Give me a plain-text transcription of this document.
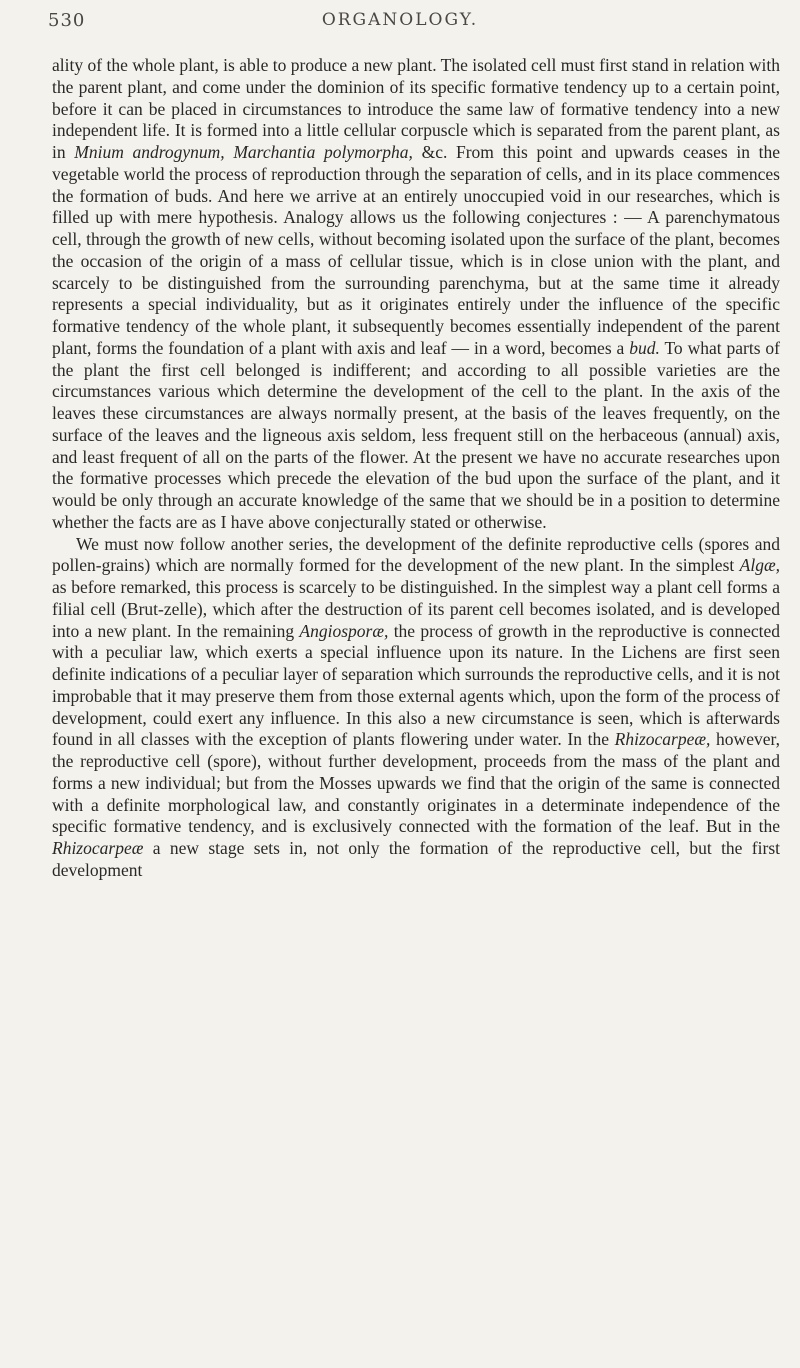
530	ORGANOLOGY.

ality of the whole plant, is able to produce a new plant. The isolated cell must first stand in relation with the parent plant, and come under the dominion of its specific formative tendency up to a certain point, before it can be placed in circumstances to introduce the same law of formative tendency into a new independent life. It is formed into a little cellular corpuscle which is separated from the parent plant, as in Mnium androgynum, Marchantia polymorpha, &c. From this point and upwards ceases in the vegetable world the process of reproduction through the separation of cells, and in its place commences the formation of buds. And here we arrive at an entirely unoccupied void in our researches, which is filled up with mere hypothesis. Analogy allows us the following conjectures : — A parenchymatous cell, through the growth of new cells, without becoming isolated upon the surface of the plant, becomes the occasion of the origin of a mass of cellular tissue, which is in close union with the plant, and scarcely to be distinguished from the surrounding parenchyma, but at the same time it already represents a special individuality, but as it originates entirely under the influence of the specific formative tendency of the whole plant, it subsequently becomes essentially independent of the parent plant, forms the foundation of a plant with axis and leaf — in a word, becomes a bud. To what parts of the plant the first cell belonged is indifferent; and according to all possible varieties are the circumstances various which determine the development of the cell to the plant. In the axis of the leaves these circumstances are always normally present, at the basis of the leaves frequently, on the surface of the leaves and the ligneous axis seldom, less frequent still on the herbaceous (annual) axis, and least frequent of all on the parts of the flower. At the present we have no accurate researches upon the formative processes which precede the elevation of the bud upon the surface of the plant, and it would be only through an accurate knowledge of the same that we should be in a position to determine whether the facts are as I have above conjecturally stated or otherwise.

We must now follow another series, the development of the definite reproductive cells (spores and pollen-grains) which are normally formed for the development of the new plant. In the simplest Algæ, as before remarked, this process is scarcely to be distinguished. In the simplest way a plant cell forms a filial cell (Brut-zelle), which after the destruction of its parent cell becomes isolated, and is developed into a new plant. In the remaining Angiosporæ, the process of growth in the reproductive is connected with a peculiar law, which exerts a special influence upon its nature. In the Lichens are first seen definite indications of a peculiar layer of separation which surrounds the reproductive cells, and it is not improbable that it may preserve them from those external agents which, upon the form of the process of development, could exert any influence. In this also a new circumstance is seen, which is afterwards found in all classes with the exception of plants flowering under water. In the Rhizocarpeæ, however, the reproductive cell (spore), without further development, proceeds from the mass of the plant and forms a new individual; but from the Mosses upwards we find that the origin of the same is connected with a definite morphological law, and constantly originates in a determinate independence of the specific formative tendency, and is exclusively connected with the formation of the leaf. But in the Rhizocarpeæ a new stage sets in, not only the formation of the reproductive cell, but the first development
